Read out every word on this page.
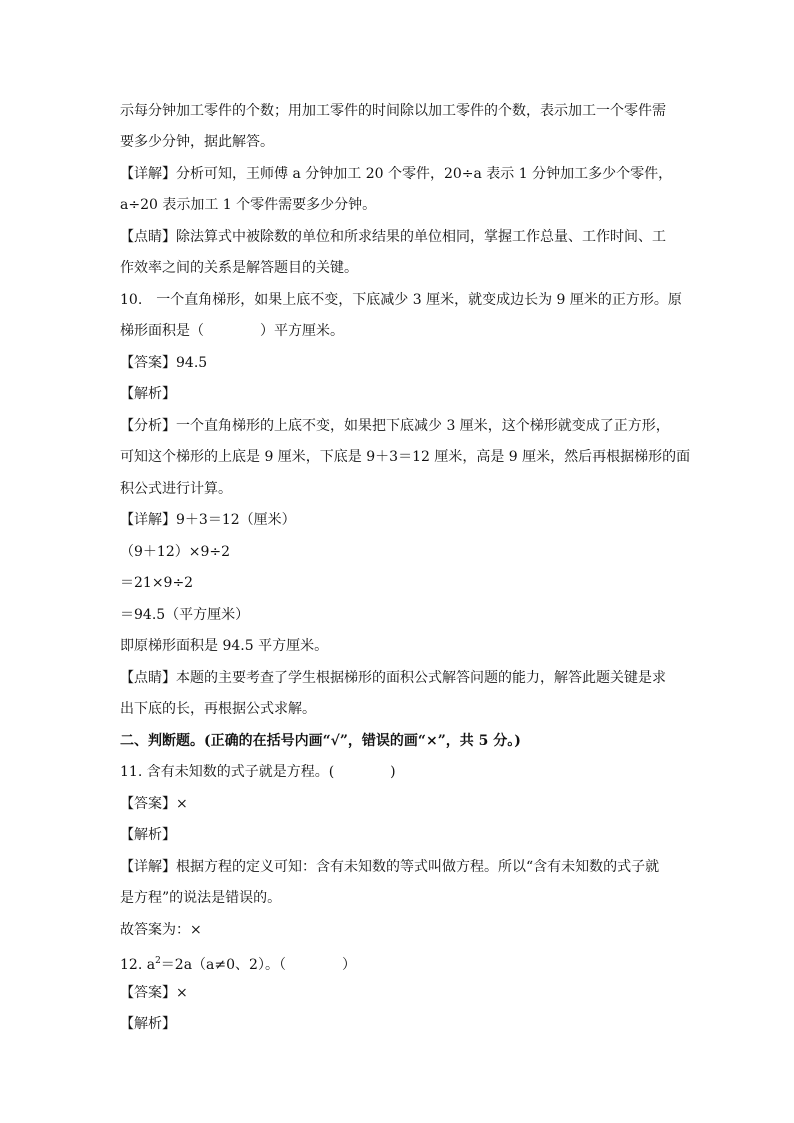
示每分钟加工零件的个数；用加工零件的时间除以加工零件的个数，表示加工一个零件需
要多少分钟，据此解答。
【详解】分析可知，王师傅 a 分钟加工 20 个零件，20÷a 表示 1 分钟加工多少个零件，
a÷20 表示加工 1 个零件需要多少分钟。
【点睛】除法算式中被除数的单位和所求结果的单位相同，掌握工作总量、工作时间、工
作效率之间的关系是解答题目的关键。
10.　一个直角梯形，如果上底不变，下底减少 3 厘米，就变成边长为 9 厘米的正方形。原
梯形面积是（　　　　）平方厘米。
【答案】94.5
【解析】
【分析】一个直角梯形的上底不变，如果把下底减少 3 厘米，这个梯形就变成了正方形，
可知这个梯形的上底是 9 厘米，下底是 9＋3＝12 厘米，高是 9 厘米，然后再根据梯形的面
积公式进行计算。
【详解】9＋3＝12（厘米）
（9＋12）×9÷2
＝21×9÷2
＝94.5（平方厘米）
即原梯形面积是 94.5 平方厘米。
【点睛】本题的主要考查了学生根据梯形的面积公式解答问题的能力，解答此题关键是求
出下底的长，再根据公式求解。
二、判断题。(正确的在括号内画“√”，错误的画“×”，共 5 分。)
11. 含有未知数的式子就是方程。(　　　　)
【答案】×
【解析】
【详解】根据方程的定义可知：含有未知数的等式叫做方程。所以“含有未知数的式子就
是方程”的说法是错误的。
故答案为：×
12. $a^2=2a(a\ne 0$、2）。（　　　　）
【答案】×
【解析】
